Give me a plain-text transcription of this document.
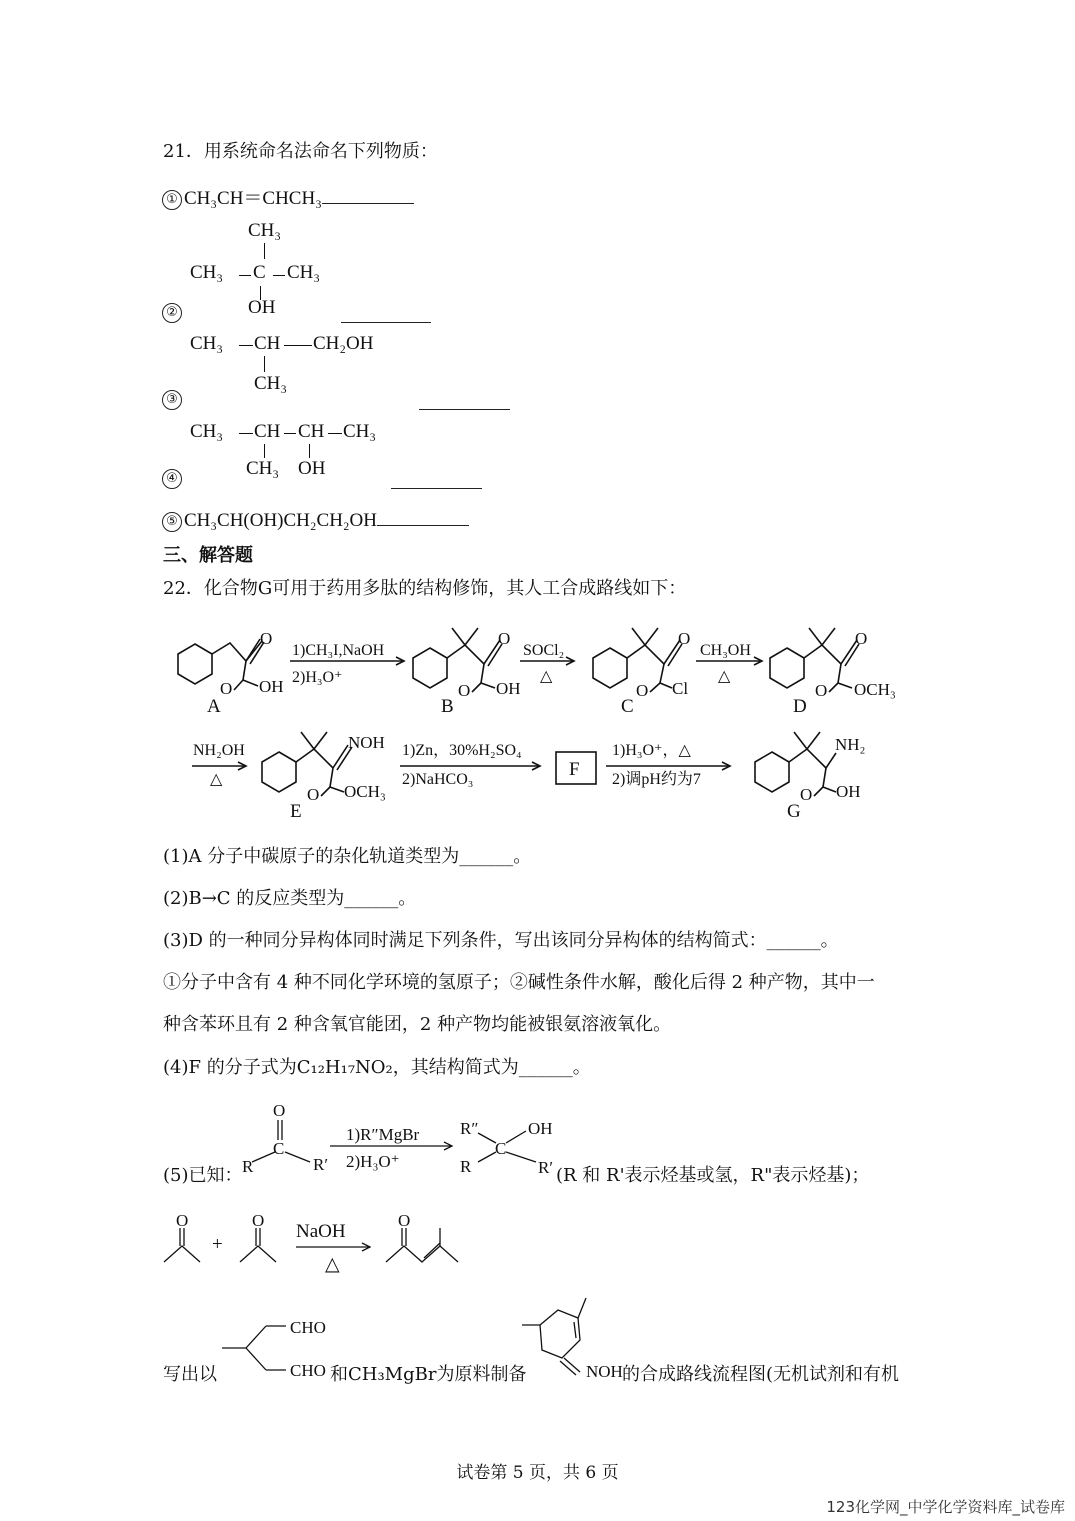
21．用系统命名法命名下列物质：
① CH₃CH＝CHCH₃
CH₃
CH₃ C CH₃
OH
②
CH₃ CH CH₂OH
CH₃
③
CH₃ CH CH CH₃
CH₃ OH
④
⑤ CH₃CH(OH)CH₂CH₂OH
三、解答题
22．化合物G可用于药用多肽的结构修饰，其人工合成路线如下：
O
O OH
O
O OH
O
O Cl
O
O OCH₃
NOH
O OCH₃
NH₂
O OH
1)CH₃I,NaOH
2)H₃O⁺
SOCl₂
△
CH₃OH
△
NH₂OH
△
1)Zn，30%H₂SO₄
2)NaHCO₃
1)H₃O⁺，△
2)调pH约为7
A	B	C	D
E
F
G
O
C
R	R′
1)R″MgBr
2)H₃O⁺
R″	OH
C
R	R′
O	O	O
CHO
CHO	NOH
NaOH
△
+
(1)A 分子中碳原子的杂化轨道类型为______。
(2)B→C 的反应类型为______。
(3)D 的一种同分异构体同时满足下列条件，写出该同分异构体的结构简式：______。
①分子中含有 4 种不同化学环境的氢原子；②碱性条件水解，酸化后得 2 种产物，其中一
种含苯环且有 2 种含氧官能团，2 种产物均能被银氨溶液氧化。
(4)F 的分子式为C₁₂H₁₇NO₂，其结构简式为______。
(5)已知：	(R 和 R'表示烃基或氢，R"表示烃基)；
写出以	和CH₃MgBr为原料制备	的合成路线流程图(无机试剂和有机
试卷第 5 页，共 6 页
123化学网_中学化学资料库_试卷库
